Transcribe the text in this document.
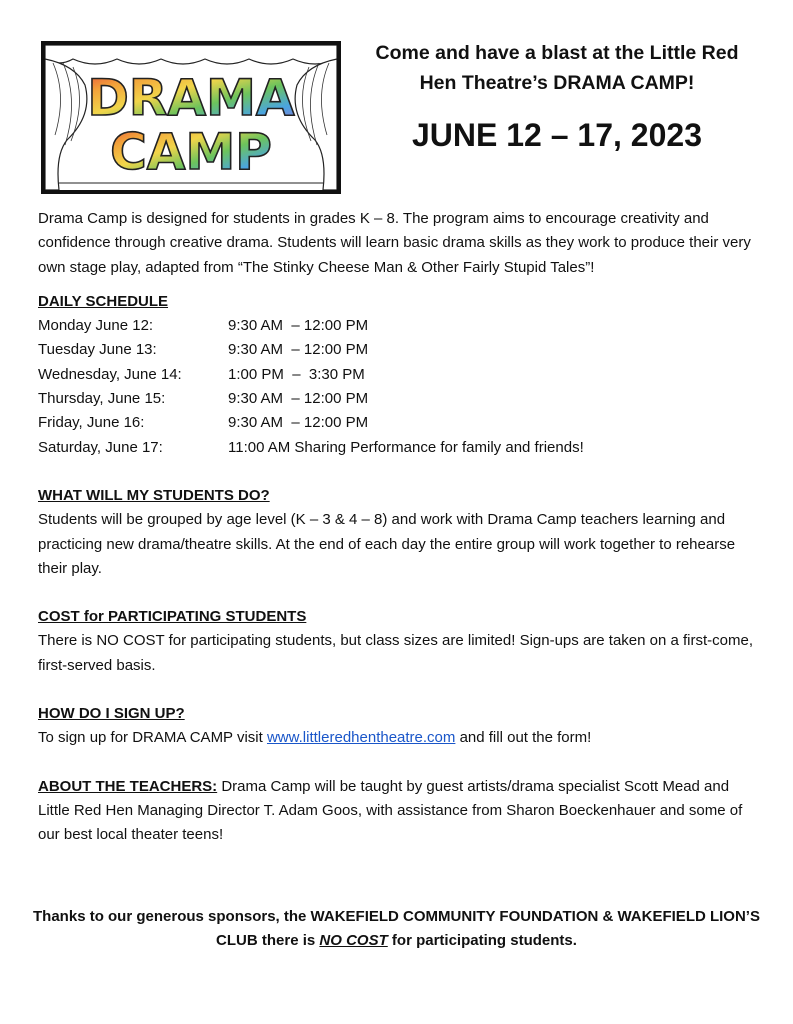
DRAMA
CAMP
Come and have a blast at the Little Red Hen Theatre’s DRAMA CAMP!
JUNE 12 – 17, 2023

Drama Camp is designed for students in grades K – 8. The program aims to encourage creativity and confidence through creative drama. Students will learn basic drama skills as they work to produce their very own stage play, adapted from “The Stinky Cheese Man & Other Fairly Stupid Tales”!

DAILY SCHEDULE
Monday June 12:	9:30 AM  – 12:00 PM
Tuesday June 13:	9:30 AM  – 12:00 PM
Wednesday, June 14:	1:00 PM  –  3:30 PM
Thursday, June 15:	9:30 AM  – 12:00 PM
Friday, June 16:	9:30 AM  – 12:00 PM
Saturday, June 17:	11:00 AM Sharing Performance for family and friends!
WHAT WILL MY STUDENTS DO?

Students will be grouped by age level (K – 3 & 4 – 8) and work with Drama Camp teachers learning and practicing new drama/theatre skills. At the end of each day the entire group will work together to rehearse their play.

COST for PARTICIPATING STUDENTS

There is NO COST for participating students, but class sizes are limited! Sign-ups are taken on a first-come, first-served basis.

HOW DO I SIGN UP?

To sign up for DRAMA CAMP visit www.littleredhentheatre.com and fill out the form!

ABOUT THE TEACHERS: Drama Camp will be taught by guest artists/drama specialist Scott Mead and Little Red Hen Managing Director T. Adam Goos, with assistance from Sharon Boeckenhauer and some of our best local theater teens!

Thanks to our generous sponsors, the WAKEFIELD COMMUNITY FOUNDATION & WAKEFIELD LION’S CLUB there is NO COST for participating students.
